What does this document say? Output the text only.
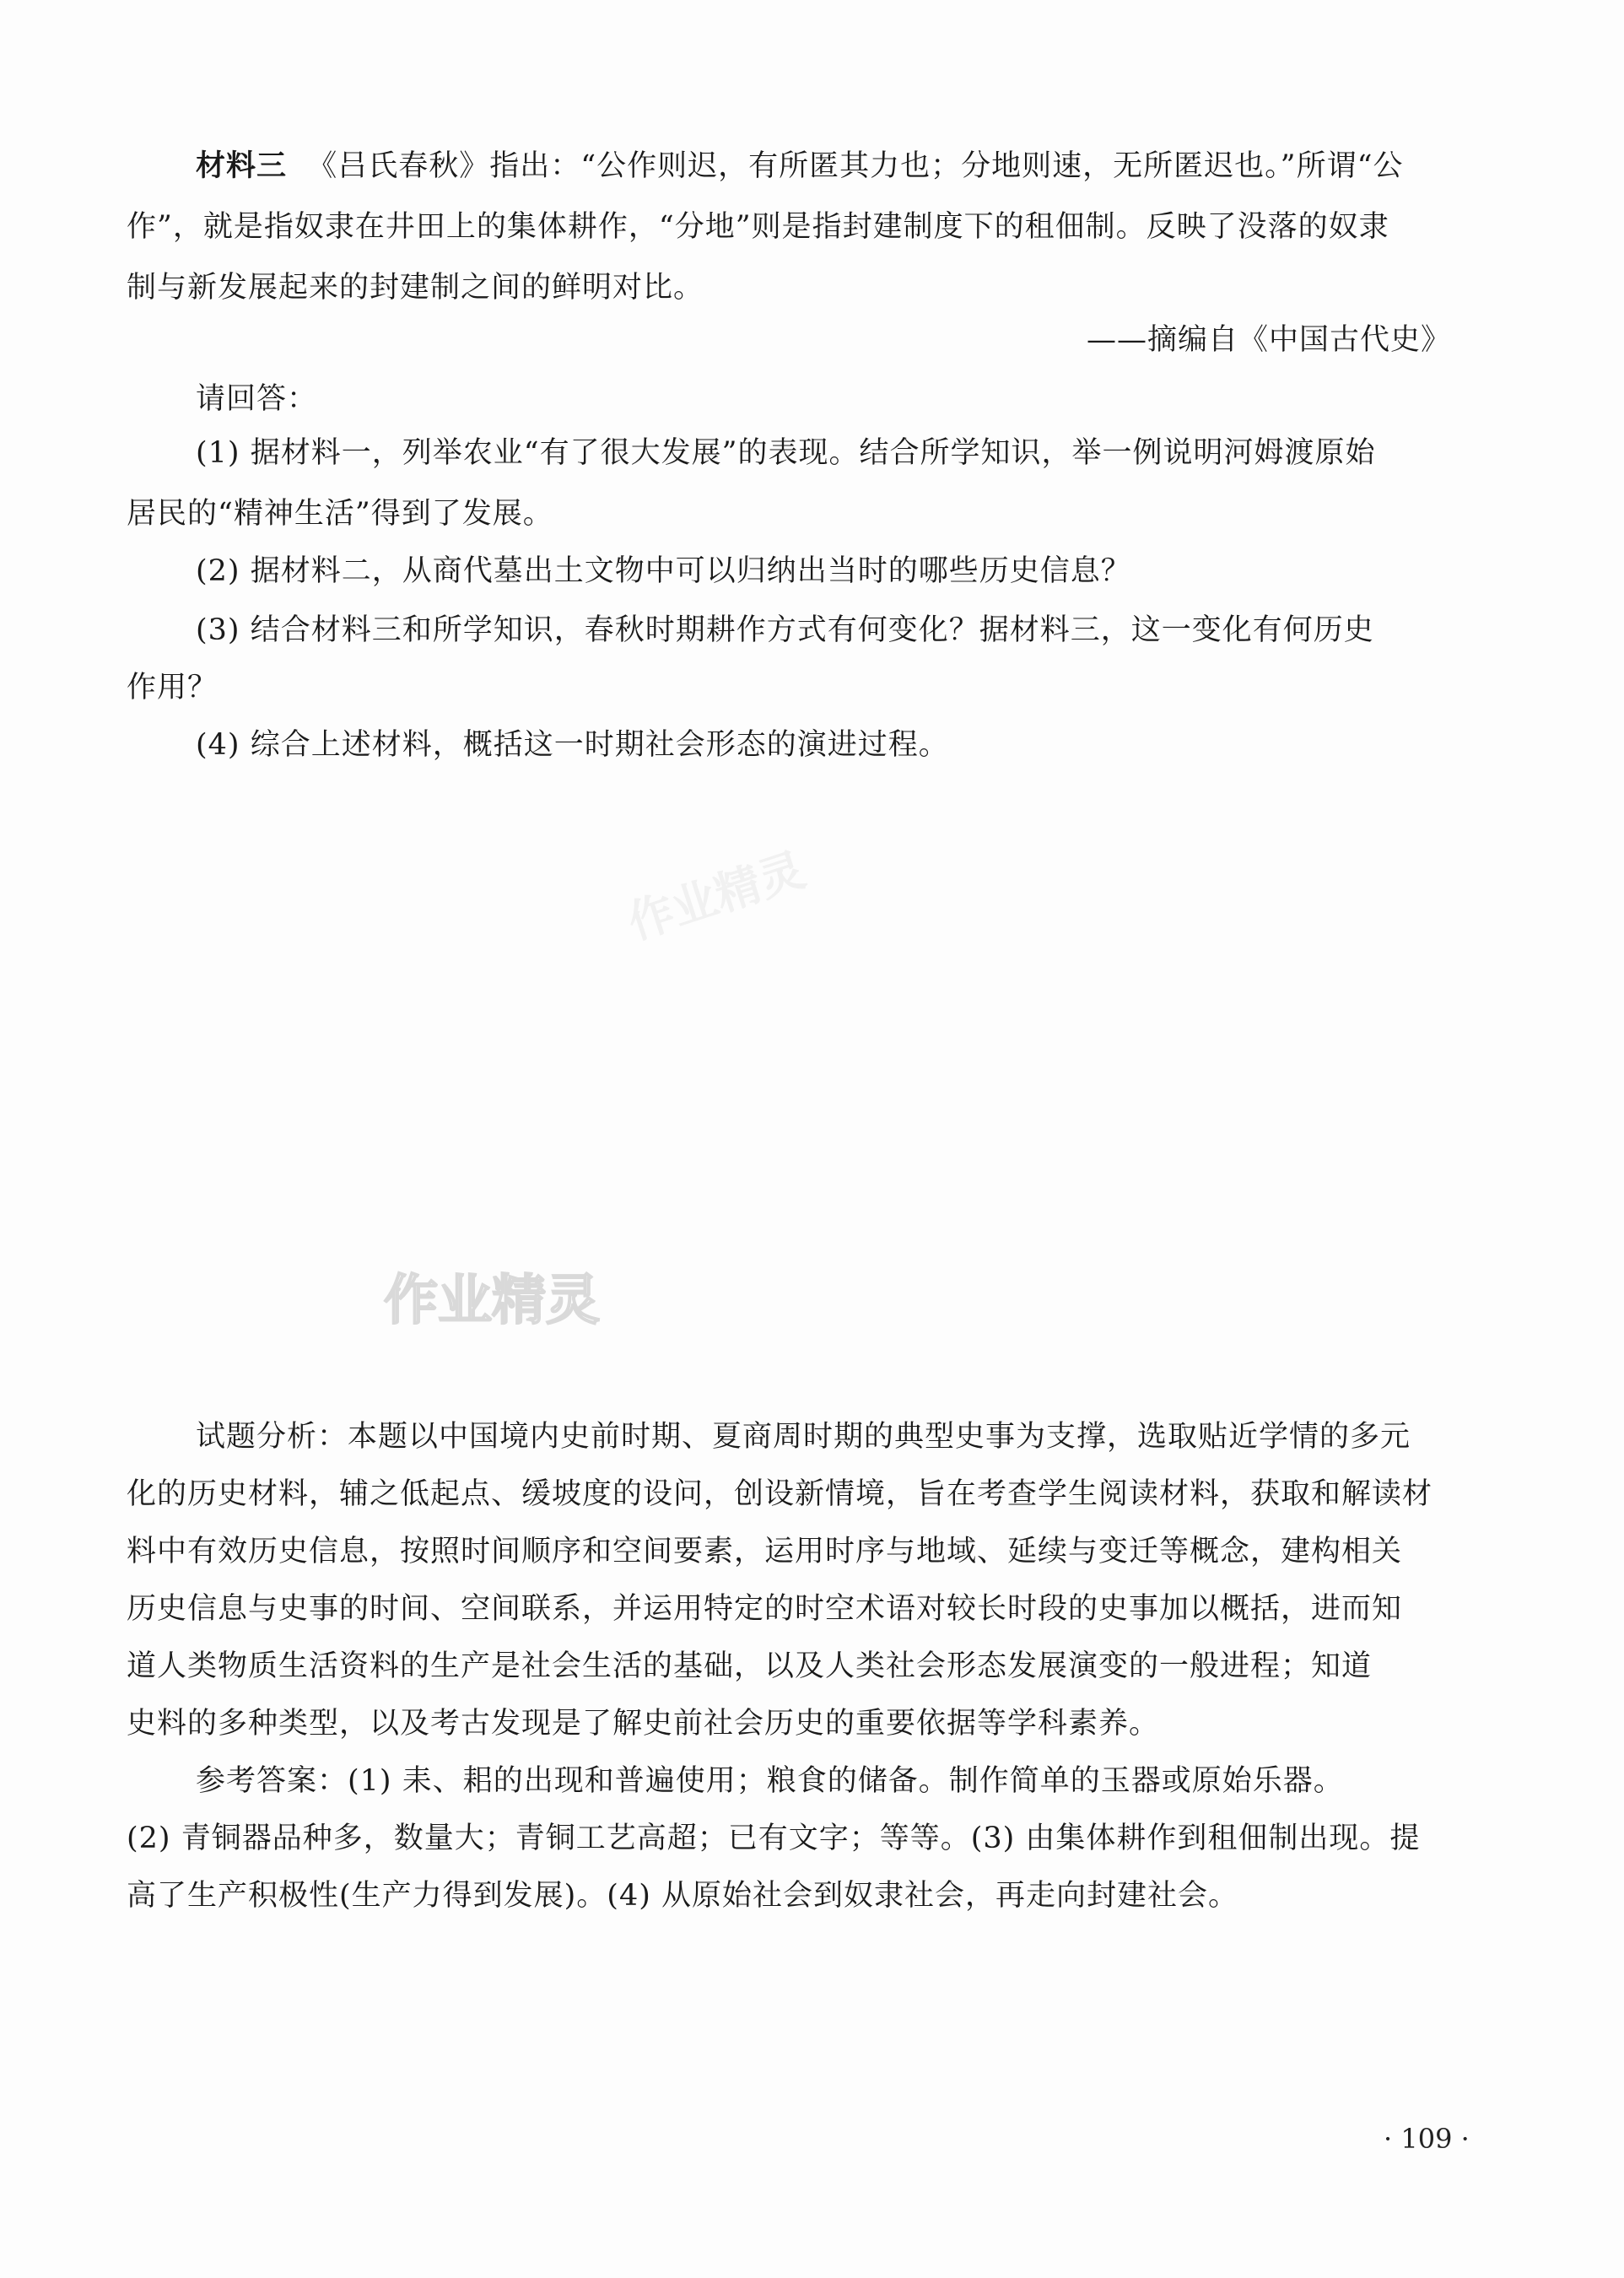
材料三 《吕氏春秋》指出：“公作则迟，有所匿其力也；分地则速，无所匿迟也。”所谓“公
作”，就是指奴隶在井田上的集体耕作，“分地”则是指封建制度下的租佃制。反映了没落的奴隶
制与新发展起来的封建制之间的鲜明对比。
——摘编自《中国古代史》
请回答：
(1) 据材料一，列举农业“有了很大发展”的表现。结合所学知识，举一例说明河姆渡原始
居民的“精神生活”得到了发展。
(2) 据材料二，从商代墓出土文物中可以归纳出当时的哪些历史信息？
(3) 结合材料三和所学知识，春秋时期耕作方式有何变化？据材料三，这一变化有何历史
作用？
(4) 综合上述材料，概括这一时期社会形态的演进过程。
作业精灵
作业精灵
试题分析：本题以中国境内史前时期、夏商周时期的典型史事为支撑，选取贴近学情的多元
化的历史材料，辅之低起点、缓坡度的设问，创设新情境，旨在考查学生阅读材料，获取和解读材
料中有效历史信息，按照时间顺序和空间要素，运用时序与地域、延续与变迁等概念，建构相关
历史信息与史事的时间、空间联系，并运用特定的时空术语对较长时段的史事加以概括，进而知
道人类物质生活资料的生产是社会生活的基础，以及人类社会形态发展演变的一般进程；知道
史料的多种类型，以及考古发现是了解史前社会历史的重要依据等学科素养。
参考答案：(1) 耒、耜的出现和普遍使用；粮食的储备。制作简单的玉器或原始乐器。
(2) 青铜器品种多，数量大；青铜工艺高超；已有文字；等等。(3) 由集体耕作到租佃制出现。提
高了生产积极性(生产力得到发展)。(4) 从原始社会到奴隶社会，再走向封建社会。
· 109 ·
